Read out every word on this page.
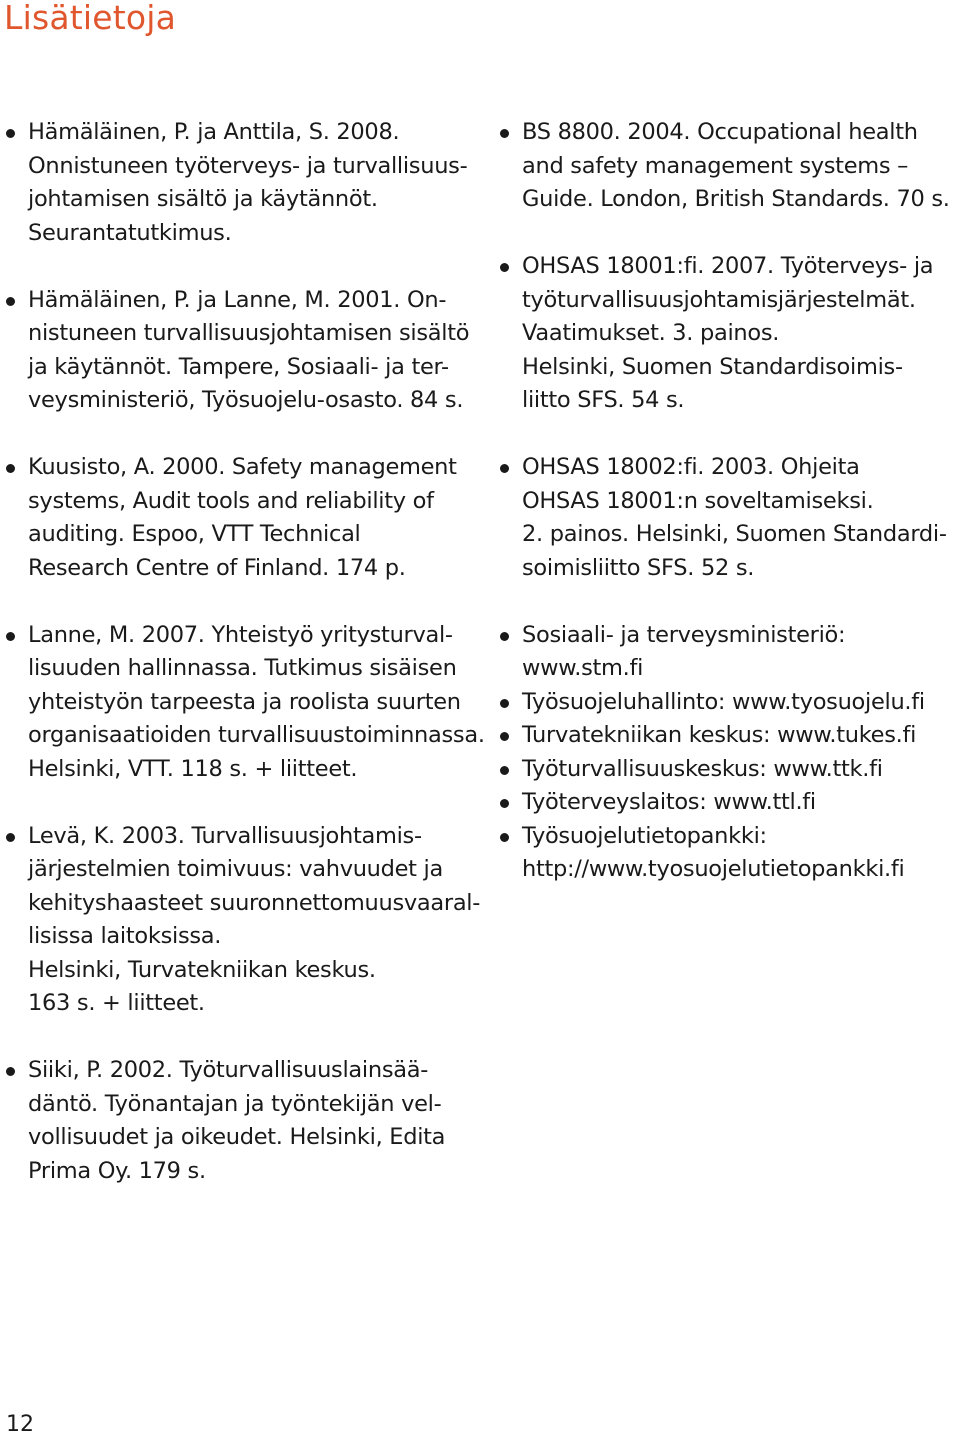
Lisätietoja
Hämäläinen, P. ja Anttila, S. 2008.
Onnistuneen työterveys- ja turvallisuus-
johtamisen sisältö ja käytännöt.
Seurantatutkimus.
Hämäläinen, P. ja Lanne, M. 2001. On-
nistuneen turvallisuusjohtamisen sisältö
ja käytännöt. Tampere, Sosiaali- ja ter-
veysministeriö, Työsuojelu-osasto. 84 s.
Kuusisto, A. 2000. Safety management
systems, Audit tools and reliability of
auditing. Espoo, VTT Technical
Research Centre of Finland. 174 p.
Lanne, M. 2007. Yhteistyö yritysturval-
lisuuden hallinnassa. Tutkimus sisäisen
yhteistyön tarpeesta ja roolista suurten
organisaatioiden turvallisuustoiminnassa.
Helsinki, VTT. 118 s. + liitteet.
Levä, K. 2003. Turvallisuusjohtamis-
järjestelmien toimivuus: vahvuudet ja
kehityshaasteet suuronnettomuusvaaral-
lisissa laitoksissa.
Helsinki, Turvatekniikan keskus.
163 s. + liitteet.
Siiki, P. 2002. Työturvallisuuslainsää-
däntö. Työnantajan ja työntekijän vel-
vollisuudet ja oikeudet. Helsinki, Edita
Prima Oy. 179 s.
BS 8800. 2004. Occupational health
and safety management systems –
Guide. London, British Standards. 70 s.
OHSAS 18001:fi. 2007. Työterveys- ja
työturvallisuusjohtamisjärjestelmät.
Vaatimukset. 3. painos.
Helsinki, Suomen Standardisoimis-
liitto SFS. 54 s.
OHSAS 18002:fi. 2003. Ohjeita
OHSAS 18001:n soveltamiseksi.
2. painos. Helsinki, Suomen Standardi-
soimisliitto SFS. 52 s.
Sosiaali- ja terveysministeriö:
www.stm.fi
Työsuojeluhallinto: www.tyosuojelu.fi
Turvatekniikan keskus: www.tukes.fi
Työturvallisuuskeskus: www.ttk.fi
Työterveyslaitos: www.ttl.fi
Työsuojelutietopankki:
http://www.tyosuojelutietopankki.fi
12
